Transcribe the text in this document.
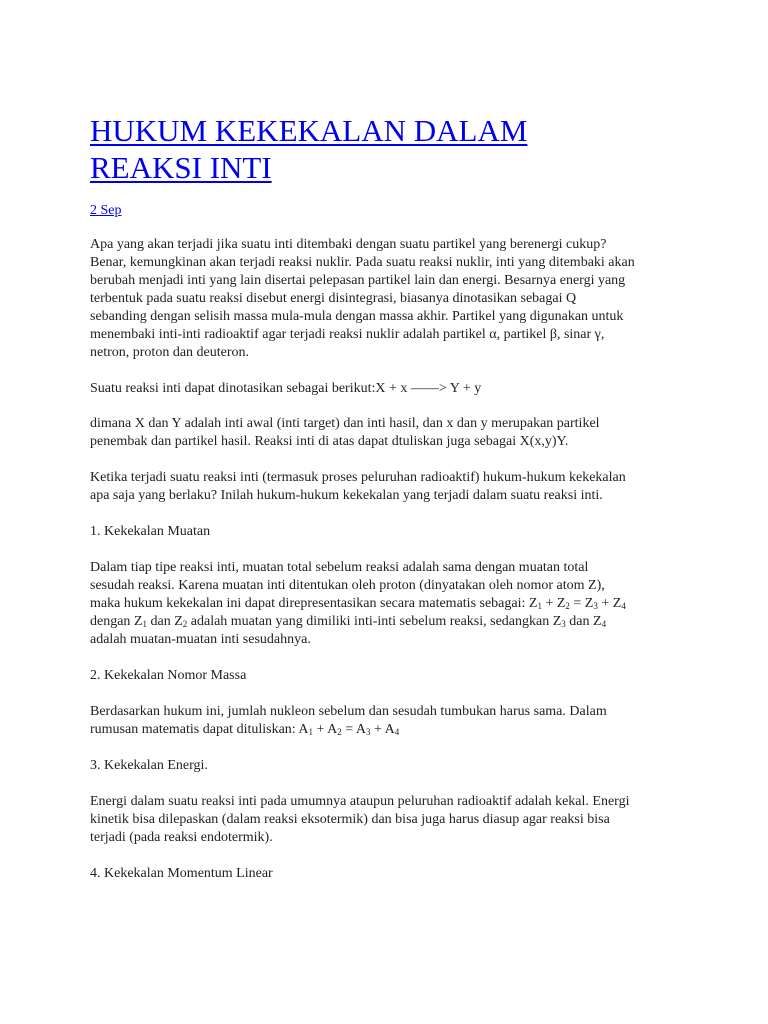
HUKUM KEKEKALAN DALAM
REAKSI INTI
2 Sep

Apa yang akan terjadi jika suatu inti ditembaki dengan suatu partikel yang berenergi cukup?
Benar, kemungkinan akan terjadi reaksi nuklir. Pada suatu reaksi nuklir, inti yang ditembaki akan
berubah menjadi inti yang lain disertai pelepasan partikel lain dan energi. Besarnya energi yang
terbentuk pada suatu reaksi disebut energi disintegrasi, biasanya dinotasikan sebagai Q
sebanding dengan selisih massa mula-mula dengan massa akhir. Partikel yang digunakan untuk
menembaki inti-inti radioaktif agar terjadi reaksi nuklir adalah partikel α, partikel β, sinar γ,
netron, proton dan deuteron.

Suatu reaksi inti dapat dinotasikan sebagai berikut:X + x ——> Y + y

dimana X dan Y adalah inti awal (inti target) dan inti hasil, dan x dan y merupakan partikel
penembak dan partikel hasil. Reaksi inti di atas dapat dtuliskan juga sebagai X(x,y)Y.

Ketika terjadi suatu reaksi inti (termasuk proses peluruhan radioaktif) hukum-hukum kekekalan
apa saja yang berlaku? Inilah hukum-hukum kekekalan yang terjadi dalam suatu reaksi inti.

1. Kekekalan Muatan

Dalam tiap tipe reaksi inti, muatan total sebelum reaksi adalah sama dengan muatan total
sesudah reaksi. Karena muatan inti ditentukan oleh proton (dinyatakan oleh nomor atom Z),
maka hukum kekekalan ini dapat direpresentasikan secara matematis sebagai: $Z_1 + Z_2 = Z_3 + Z_4$
dengan $Z_1$ dan $Z_2$ adalah muatan yang dimiliki inti-inti sebelum reaksi, sedangkan $Z_3$ dan $Z_4$
adalah muatan-muatan inti sesudahnya.

2. Kekekalan Nomor Massa

Berdasarkan hukum ini, jumlah nukleon sebelum dan sesudah tumbukan harus sama. Dalam
rumusan matematis dapat dituliskan: $A_1 + A_2 = A_3 + A_4$

3. Kekekalan Energi.

Energi dalam suatu reaksi inti pada umumnya ataupun peluruhan radioaktif adalah kekal. Energi
kinetik bisa dilepaskan (dalam reaksi eksotermik) dan bisa juga harus diasup agar reaksi bisa
terjadi (pada reaksi endotermik).

4. Kekekalan Momentum Linear
